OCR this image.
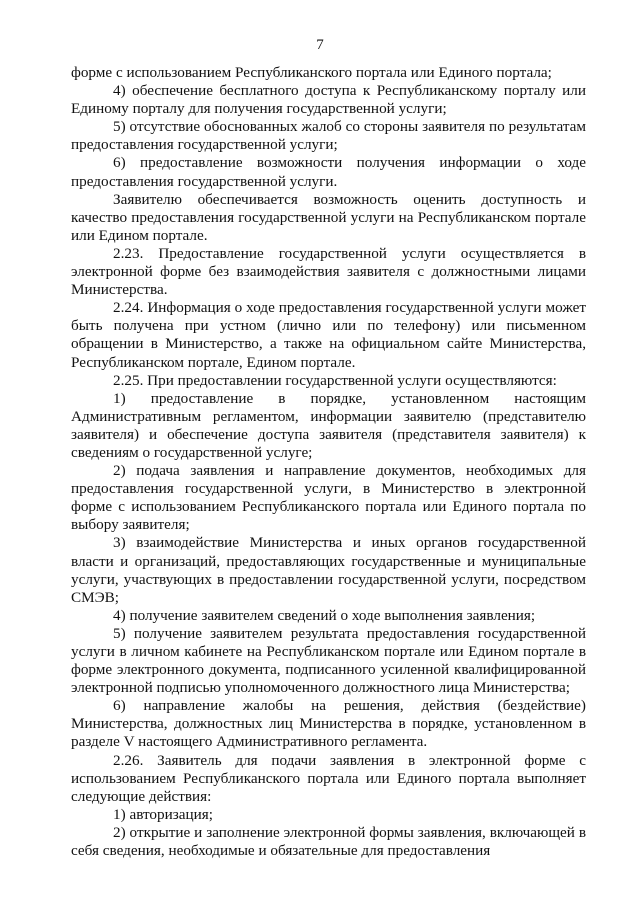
7

форме с использованием Республиканского портала или Единого портала;

4) обеспечение бесплатного доступа к Республиканскому порталу или Единому порталу для получения государственной услуги;

5) отсутствие обоснованных жалоб со стороны заявителя по результатам предоставления государственной услуги;

6) предоставление возможности получения информации о ходе предоставления государственной услуги.

Заявителю обеспечивается возможность оценить доступность и качество предоставления государственной услуги на Республиканском портале или Едином портале.

2.23. Предоставление государственной услуги осуществляется в электронной форме без взаимодействия заявителя с должностными лицами Министерства.

2.24. Информация о ходе предоставления государственной услуги может быть получена при устном (лично или по телефону) или письменном обращении в Министерство, а также на официальном сайте Министерства, Республиканском портале, Едином портале.

2.25. При предоставлении государственной услуги осуществляются:

1) предоставление в порядке, установленном настоящим Административным регламентом, информации заявителю (представителю заявителя) и обеспечение доступа заявителя (представителя заявителя) к сведениям о государственной услуге;

2) подача заявления и направление документов, необходимых для предоставления государственной услуги, в Министерство в электронной форме с использованием Республиканского портала или Единого портала по выбору заявителя;

3) взаимодействие Министерства и иных органов государственной власти и организаций, предоставляющих государственные и муниципальные услуги, участвующих в предоставлении государственной услуги, посредством СМЭВ;

4) получение заявителем сведений о ходе выполнения заявления;

5) получение заявителем результата предоставления государственной услуги в личном кабинете на Республиканском портале или Едином портале в форме электронного документа, подписанного усиленной квалифицированной электронной подписью уполномоченного должностного лица Министерства;

6) направление жалобы на решения, действия (бездействие) Министерства, должностных лиц Министерства в порядке, установленном в разделе V настоящего Административного регламента.

2.26. Заявитель для подачи заявления в электронной форме с использованием Республиканского портала или Единого портала выполняет следующие действия:

1) авторизация;

2) открытие и заполнение электронной формы заявления, включающей в себя сведения, необходимые и обязательные для предоставления
